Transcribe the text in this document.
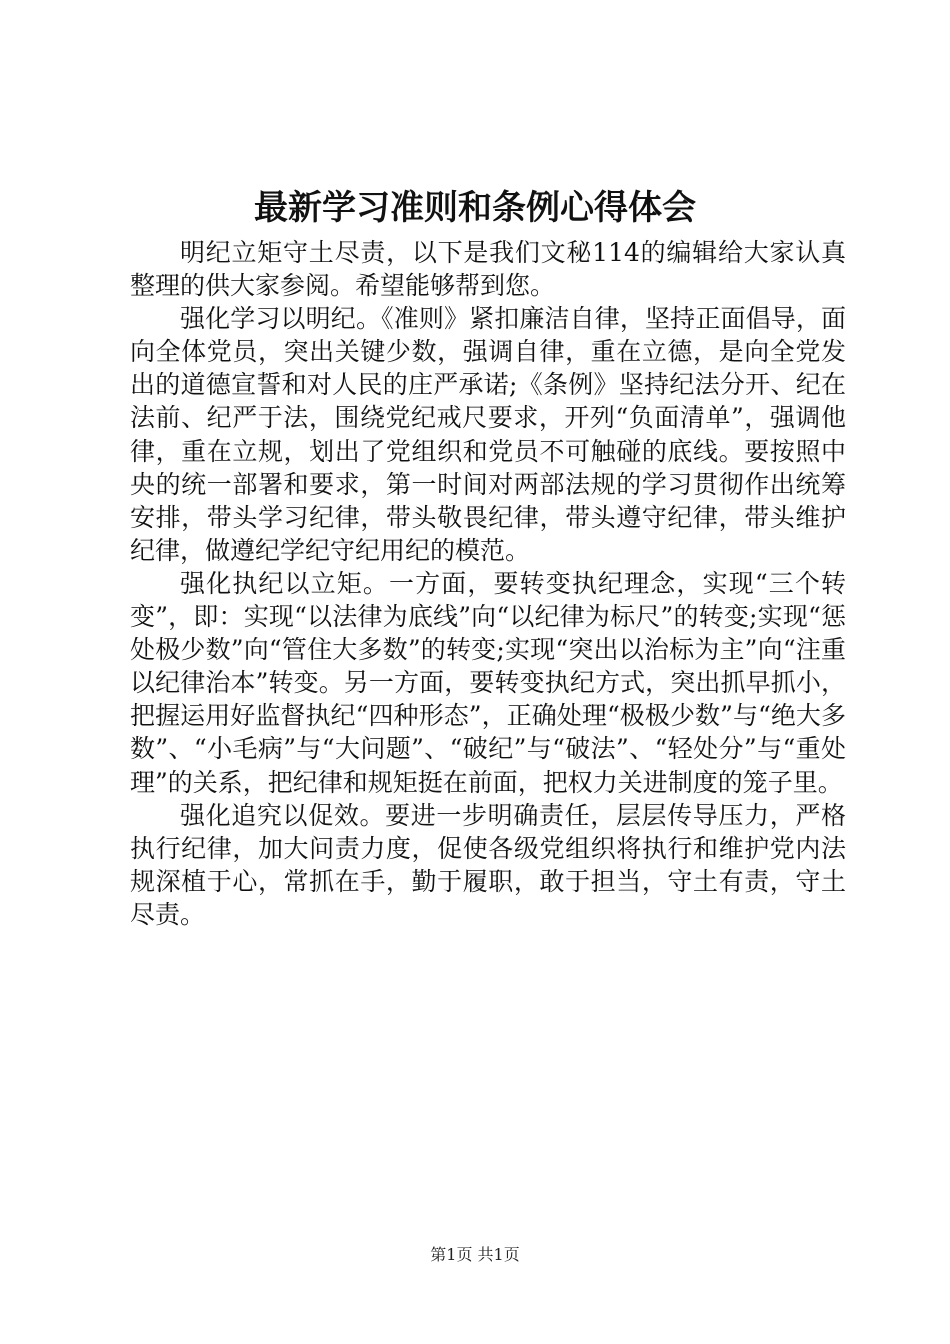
最新学习准则和条例心得体会

明纪立矩守土尽责，以下是我们文秘114的编辑给大家认真整理的供大家参阅。希望能够帮到您。

强化学习以明纪。《准则》紧扣廉洁自律，坚持正面倡导，面向全体党员，突出关键少数，强调自律，重在立德，是向全党发出的道德宣誓和对人民的庄严承诺;《条例》坚持纪法分开、纪在法前、纪严于法，围绕党纪戒尺要求，开列“负面清单”，强调他律，重在立规，划出了党组织和党员不可触碰的底线。要按照中央的统一部署和要求，第一时间对两部法规的学习贯彻作出统筹安排，带头学习纪律，带头敬畏纪律，带头遵守纪律，带头维护纪律，做遵纪学纪守纪用纪的模范。

强化执纪以立矩。一方面，要转变执纪理念，实现“三个转变”，即：实现“以法律为底线”向“以纪律为标尺”的转变;实现“惩处极少数”向“管住大多数”的转变;实现“突出以治标为主”向“注重以纪律治本”转变。另一方面，要转变执纪方式，突出抓早抓小，把握运用好监督执纪“四种形态”，正确处理“极极少数”与“绝大多数”、“小毛病”与“大问题”、“破纪”与“破法”、“轻处分”与“重处理”的关系，把纪律和规矩挺在前面，把权力关进制度的笼子里。

强化追究以促效。要进一步明确责任，层层传导压力，严格执行纪律，加大问责力度，促使各级党组织将执行和维护党内法规深植于心，常抓在手，勤于履职，敢于担当，守土有责，守土尽责。

第1页 共1页
